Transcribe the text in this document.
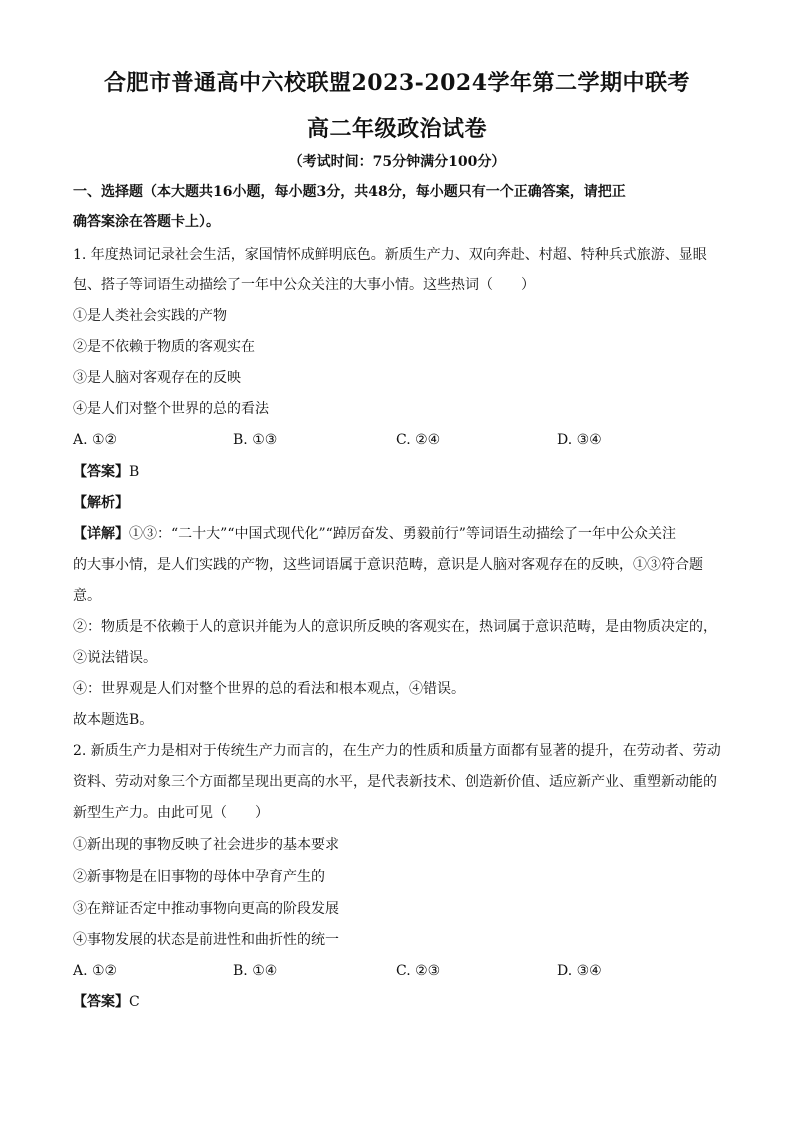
合肥市普通高中六校联盟2023-2024学年第二学期中联考
高二年级政治试卷
（考试时间：75分钟满分100分）
一、选择题（本大题共16小题，每小题3分，共48分，每小题只有一个正确答案，请把正
确答案涂在答题卡上）。
1. 年度热词记录社会生活，家国情怀成鲜明底色。新质生产力、双向奔赴、村超、特种兵式旅游、显眼
包、搭子等词语生动描绘了一年中公众关注的大事小情。这些热词（　　）
①是人类社会实践的产物
②是不依赖于物质的客观实在
③是人脑对客观存在的反映
④是人们对整个世界的总的看法
A. ①②	B. ①③	C. ②④	D. ③④
【答案】B
【解析】
【详解】①③：“二十大”“中国式现代化”“踔厉奋发、勇毅前行”等词语生动描绘了一年中公众关注
的大事小情，是人们实践的产物，这些词语属于意识范畴，意识是人脑对客观存在的反映，①③符合题
意。
②：物质是不依赖于人的意识并能为人的意识所反映的客观实在，热词属于意识范畴，是由物质决定的，
②说法错误。
④：世界观是人们对整个世界的总的看法和根本观点，④错误。
故本题选B。
2. 新质生产力是相对于传统生产力而言的，在生产力的性质和质量方面都有显著的提升，在劳动者、劳动
资料、劳动对象三个方面都呈现出更高的水平，是代表新技术、创造新价值、适应新产业、重塑新动能的
新型生产力。由此可见（　　）
①新出现的事物反映了社会进步的基本要求
②新事物是在旧事物的母体中孕育产生的
③在辩证否定中推动事物向更高的阶段发展
④事物发展的状态是前进性和曲折性的统一
A. ①②	B. ①④	C. ②③	D. ③④
【答案】C
